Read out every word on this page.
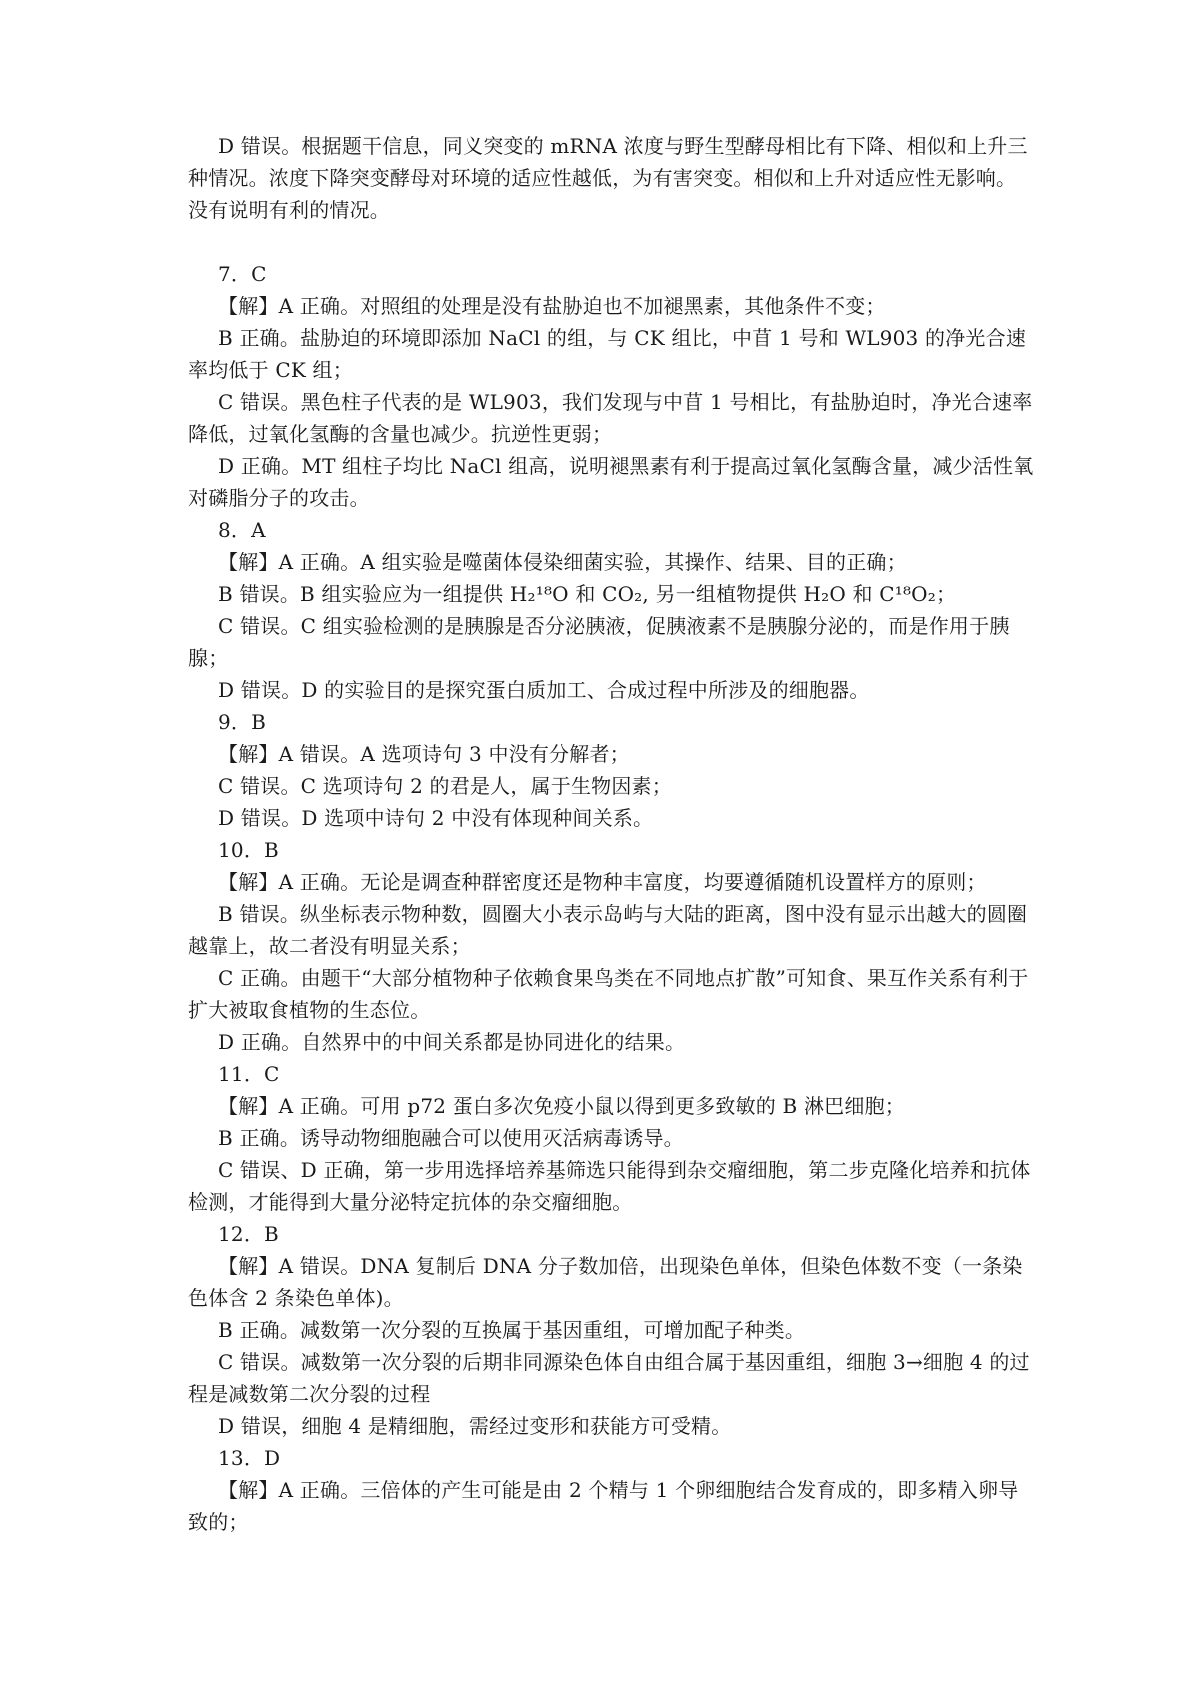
D 错误。根据题干信息，同义突变的 mRNA 浓度与野生型酵母相比有下降、相似和上升三种情况。浓度下降突变酵母对环境的适应性越低，为有害突变。相似和上升对适应性无影响。没有说明有利的情况。

7．C

【解】A 正确。对照组的处理是没有盐胁迫也不加褪黑素，其他条件不变；

B 正确。盐胁迫的环境即添加 NaCl 的组，与 CK 组比，中苜 1 号和 WL903 的净光合速率均低于 CK 组；

C 错误。黑色柱子代表的是 WL903，我们发现与中苜 1 号相比，有盐胁迫时，净光合速率降低，过氧化氢酶的含量也减少。抗逆性更弱；

D 正确。MT 组柱子均比 NaCl 组高，说明褪黑素有利于提高过氧化氢酶含量，减少活性氧对磷脂分子的攻击。

8．A

【解】A 正确。A 组实验是噬菌体侵染细菌实验，其操作、结果、目的正确；

B 错误。B 组实验应为一组提供 H₂¹⁸O 和 CO₂, 另一组植物提供 H₂O 和 C¹⁸O₂；

C 错误。C 组实验检测的是胰腺是否分泌胰液，促胰液素不是胰腺分泌的，而是作用于胰腺；

D 错误。D 的实验目的是探究蛋白质加工、合成过程中所涉及的细胞器。

9．B

【解】A 错误。A 选项诗句 3 中没有分解者；

C 错误。C 选项诗句 2 的君是人，属于生物因素；

D 错误。D 选项中诗句 2 中没有体现种间关系。

10．B

【解】A 正确。无论是调查种群密度还是物种丰富度，均要遵循随机设置样方的原则；

B 错误。纵坐标表示物种数，圆圈大小表示岛屿与大陆的距离，图中没有显示出越大的圆圈越靠上，故二者没有明显关系；

C 正确。由题干“大部分植物种子依赖食果鸟类在不同地点扩散”可知食、果互作关系有利于扩大被取食植物的生态位。

D 正确。自然界中的中间关系都是协同进化的结果。

11．C

【解】A 正确。可用 p72 蛋白多次免疫小鼠以得到更多致敏的 B 淋巴细胞；

B 正确。诱导动物细胞融合可以使用灭活病毒诱导。

C 错误、D 正确，第一步用选择培养基筛选只能得到杂交瘤细胞，第二步克隆化培养和抗体检测，才能得到大量分泌特定抗体的杂交瘤细胞。

12．B

【解】A 错误。DNA 复制后 DNA 分子数加倍，出现染色单体，但染色体数不变（一条染色体含 2 条染色单体)。

B 正确。减数第一次分裂的互换属于基因重组，可增加配子种类。

C 错误。减数第一次分裂的后期非同源染色体自由组合属于基因重组，细胞 3→细胞 4 的过程是减数第二次分裂的过程

D 错误，细胞 4 是精细胞，需经过变形和获能方可受精。

13．D

【解】A 正确。三倍体的产生可能是由 2 个精与 1 个卵细胞结合发育成的，即多精入卵导致的；
